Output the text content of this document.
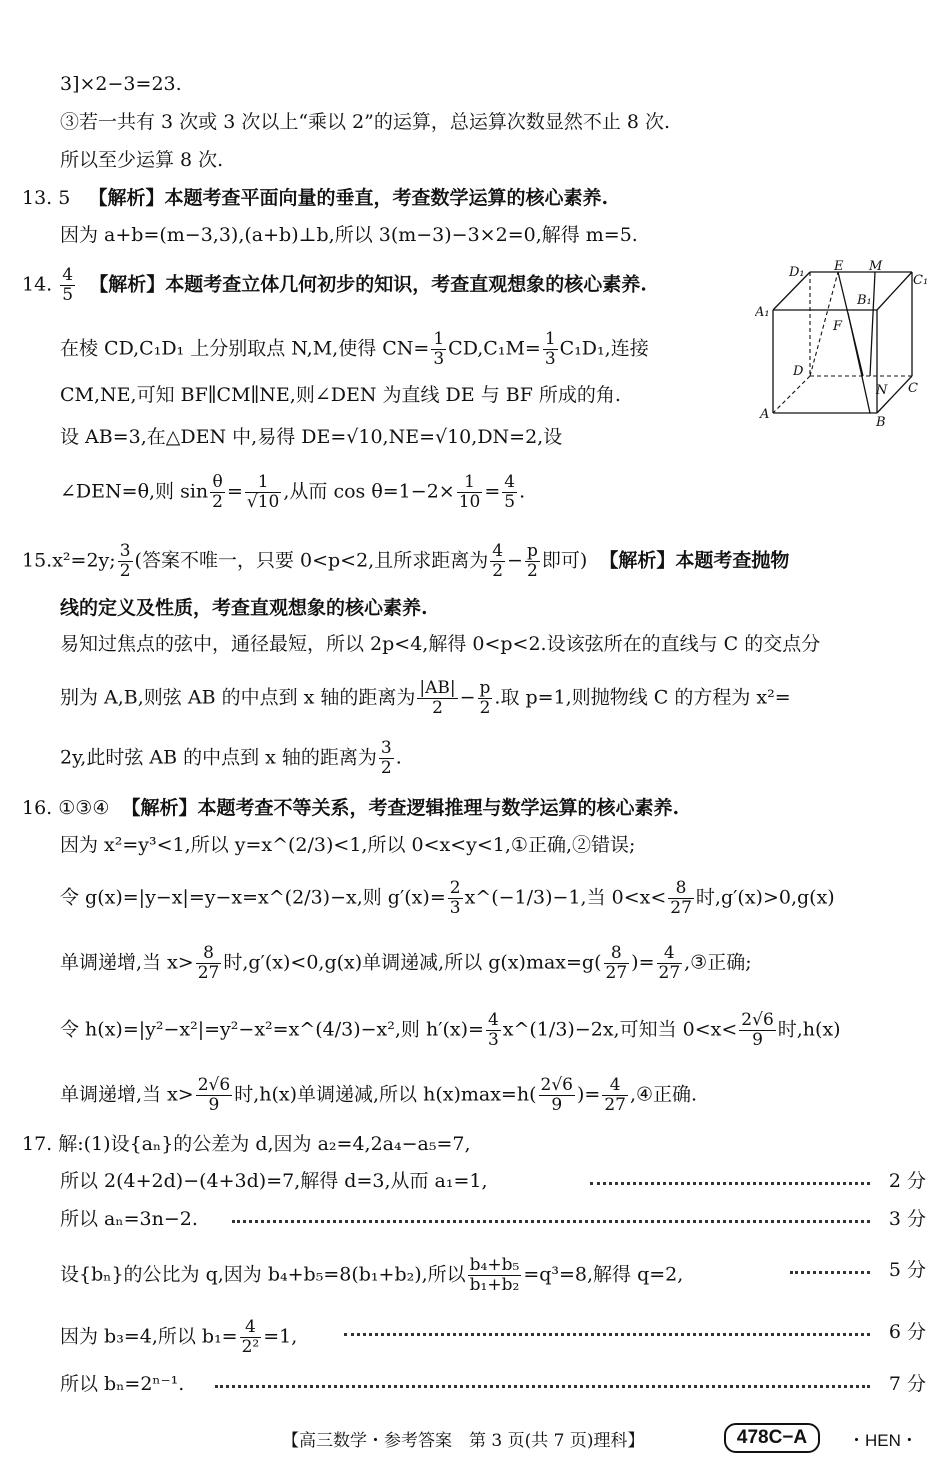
3]×2−3=23.
③若一共有 3 次或 3 次以上“乘以 2”的运算，总运算次数显然不止 8 次.
所以至少运算 8 次.
13. 5 【解析】本题考查平面向量的垂直，考查数学运算的核心素养.
因为 a+b=(m−3,3),(a+b)⊥b,所以 3(m−3)−3×2=0,解得 m=5.
14. $\frac{4}{5}$ 【解析】本题考查立体几何初步的知识，考查直观想象的核心素养.
在棱 CD,C₁D₁ 上分别取点 N,M,使得 $CN= \frac{1}{3} CD,C_1M= \frac{1}{3} C_1D_1$,连接
CM,NE,可知 BF∥CM∥NE,则∠DEN 为直线 DE 与 BF 所成的角.
设 AB=3,在△DEN 中,易得 DE=√10,NE=√10,DN=2,设
∠DEN=θ,则 $\sin \frac{\theta}{2} = \frac{1}{√10}$ ,从而 $\cos \theta=1-2\times \frac{1}{10} = \frac{4}{5}$ .
D₁ E M
C₁
A₁
B₁
F
D
N C
A
B
15.x²=2y; $\frac{3}{2}$ (答案不唯一，只要 0<p<2,且所求距离为 $\frac{4}{2} - \frac{p}{2}$ 即可) 【解析】本题考查抛物
线的定义及性质，考查直观想象的核心素养.
易知过焦点的弦中，通径最短，所以 2p<4,解得 0<p<2.设该弦所在的直线与 C 的交点分
别为 A,B,则弦 AB 的中点到 x 轴的距离为 $\frac{|AB|}{2} - \frac{p}{2}$ .取 p=1,则抛物线 C 的方程为 x²=
2y,此时弦 AB 的中点到 x 轴的距离为 $\frac{3}{2}$ .
16. ①③④ 【解析】本题考查不等关系，考查逻辑推理与数学运算的核心素养.
因为 x²=y³<1,所以 y=x^(2/3)<1,所以 0<x<y<1,①正确,②错误;
令 g(x)=|y−x|=y−x=x^(2/3)−x,则 $g'(x)= \frac{2}{3}$ x^(−1/3)−1,当 $0<x< \frac{8}{27}$ 时,g′(x)>0,g(x)
单调递增,当 $x> \frac{8}{27}$ 时,g′(x)<0,g(x)单调递减,所以 $g(x)\max=g( \frac{8}{27}$ )= $\frac{4}{27}$ ,③正确;
令 h(x)=|y²−x²|=y²−x²=x^(4/3)−x²,则 $h'(x)= \frac{4}{3}$ x^(1/3)−2x,可知当 $0<x< \frac{2√6}{9}$ 时,h(x)
单调递增,当 $x> \frac{2√6}{9}$ 时,h(x)单调递减,所以 $h(x)\max=h( \frac{2√6}{9}$ )= $\frac{4}{27}$ ,④正确.
17. 解:(1)设{aₙ}的公差为 d,因为 a₂=4,2a₄−a₅=7,
所以 2(4+2d)−(4+3d)=7,解得 d=3,从而 a₁=1,	2 分
所以 aₙ=3n−2.	3 分
设{bₙ}的公比为 q,因为 b₄+b₅=8(b₁+b₂),所以 $\frac{\text{b₄+b₅}}{\text{b₁+b₂}} =q^3=8$,解得 q=2,	5 分
因为 b₃=4,所以 $b_1= \frac{4}{\text{2²}} =1$,	6 分
所以 bₙ=2ⁿ⁻¹.	7 分
【高三数学・参考答案　第 3 页(共 7 页)理科】	478C−A	・HEN・
